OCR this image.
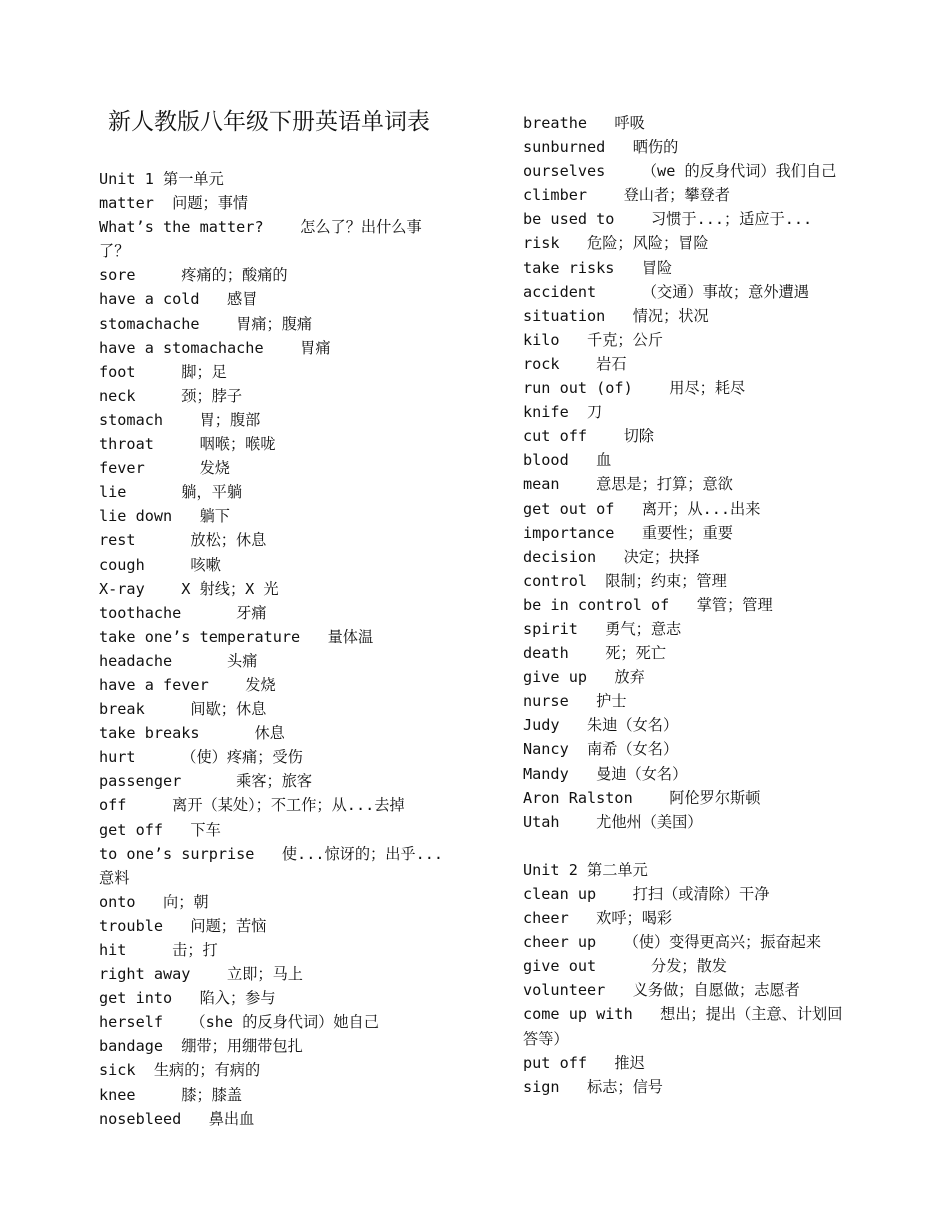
新人教版八年级下册英语单词表
Unit 1 第一单元
matter  问题；事情
What’s the matter?    怎么了？出什么事
了？
sore     疼痛的；酸痛的
have a cold   感冒
stomachache    胃痛；腹痛
have a stomachache    胃痛
foot     脚；足
neck     颈；脖子
stomach    胃；腹部
throat     咽喉；喉咙
fever      发烧
lie      躺，平躺
lie down   躺下
rest      放松；休息
cough     咳嗽
X-ray    X 射线；X 光
toothache      牙痛
take one’s temperature   量体温
headache      头痛
have a fever    发烧
break     间歇；休息
take breaks      休息
hurt     （使）疼痛；受伤
passenger      乘客；旅客
off     离开（某处）；不工作；从...去掉
get off   下车
to one’s surprise   使...惊讶的；出乎...
意料
onto   向；朝
trouble   问题；苦恼
hit     击；打
right away    立即；马上
get into   陷入；参与
herself   （she 的反身代词）她自己
bandage  绷带；用绷带包扎
sick  生病的；有病的
knee     膝；膝盖
nosebleed   鼻出血
breathe   呼吸
sunburned   晒伤的
ourselves    （we 的反身代词）我们自己
climber    登山者；攀登者
be used to    习惯于...；适应于...
risk   危险；风险；冒险
take risks   冒险
accident     （交通）事故；意外遭遇
situation   情况；状况
kilo   千克；公斤
rock    岩石
run out (of)    用尽；耗尽
knife  刀
cut off    切除
blood   血
mean    意思是；打算；意欲
get out of   离开；从...出来
importance   重要性；重要
decision   决定；抉择
control  限制；约束；管理
be in control of   掌管；管理
spirit   勇气；意志
death    死；死亡
give up   放弃
nurse   护士
Judy   朱迪（女名）
Nancy  南希（女名）
Mandy   曼迪（女名）
Aron Ralston    阿伦罗尔斯顿
Utah    尤他州（美国）
Unit 2 第二单元
clean up    打扫（或清除）干净
cheer   欢呼；喝彩
cheer up   （使）变得更高兴；振奋起来
give out      分发；散发
volunteer   义务做；自愿做；志愿者
come up with   想出；提出（主意、计划回
答等）
put off   推迟
sign   标志；信号
